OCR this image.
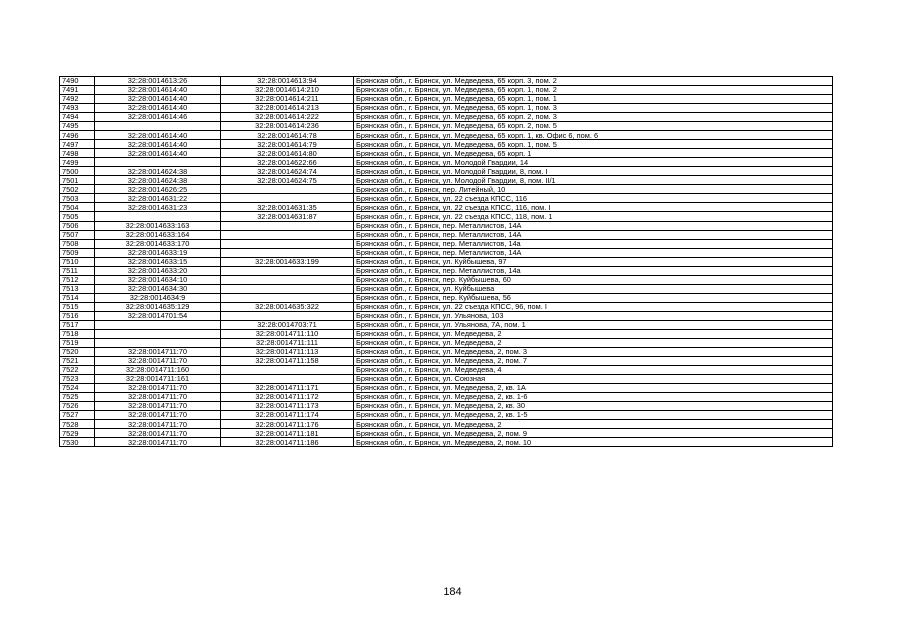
7490	32:28:0014613:26	32:28:0014613:94	Брянская обл., г. Брянск, ул. Медведева, 65 корп. 3, пом. 2
7491	32:28:0014614:40	32:28:0014614:210	Брянская обл., г. Брянск, ул. Медведева, 65 корп. 1, пом. 2
7492	32:28:0014614:40	32:28:0014614:211	Брянская обл., г. Брянск, ул. Медведева, 65 корп. 1, пом. 1
7493	32:28:0014614:40	32:28:0014614:213	Брянская обл., г. Брянск, ул. Медведева, 65 корп. 1, пом. 3
7494	32:28:0014614:46	32:28:0014614:222	Брянская обл., г. Брянск, ул. Медведева, 65 корп. 2, пом. 3
7495		32:28:0014614:236	Брянская обл., г. Брянск, ул. Медведева, 65 корп. 2, пом. 5
7496	32:28:0014614:40	32:28:0014614:78	Брянская обл., г. Брянск, ул. Медведева, 65 корп. 1, кв. Офис 6, пом. 6
7497	32:28:0014614:40	32:28:0014614:79	Брянская обл., г. Брянск, ул. Медведева, 65 корп. 1, пом. 5
7498	32:28:0014614:40	32:28:0014614:80	Брянская обл., г. Брянск, ул. Медведева, 65 корп. 1
7499		32:28:0014622:66	Брянская обл., г. Брянск, ул. Молодой Гвардии, 14
7500	32:28:0014624:38	32:28:0014624:74	Брянская обл., г. Брянск, ул. Молодой Гвардии, 8, пом. I
7501	32:28:0014624:38	32:28:0014624:75	Брянская обл., г. Брянск, ул. Молодой Гвардии, 8, пом. II/1
7502	32:28:0014626:25		Брянская обл., г. Брянск, пер. Литейный, 10
7503	32:28:0014631:22		Брянская обл., г. Брянск, ул. 22 съезда КПСС, 116
7504	32:28:0014631:23	32:28:0014631:35	Брянская обл., г. Брянск, ул. 22 съезда КПСС, 116, пом. I
7505		32:28:0014631:87	Брянская обл., г. Брянск, ул. 22 съезда КПСС, 118, пом. 1
7506	32:28:0014633:163		Брянская обл., г. Брянск, пер. Металлистов, 14А
7507	32:28:0014633:164		Брянская обл., г. Брянск, пер. Металлистов, 14А
7508	32:28:0014633:170		Брянская обл., г. Брянск, пер. Металлистов, 14а
7509	32:28:0014633:19		Брянская обл., г. Брянск, пер. Металлистов, 14А
7510	32:28:0014633:15	32:28:0014633:199	Брянская обл., г. Брянск, ул. Куйбышева, 97
7511	32:28:0014633:20		Брянская обл., г. Брянск, пер. Металлистов, 14а
7512	32:28:0014634:10		Брянская обл., г. Брянск, пер. Куйбышева, 60
7513	32:28:0014634:30		Брянская обл., г. Брянск, ул. Куйбышева
7514	32:28:0014634:9		Брянская обл., г. Брянск, пер. Куйбышева, 56
7515	32:28:0014635:129	32:28:0014635:322	Брянская обл., г. Брянск, ул. 22 съезда КПСС, 96, пом. I
7516	32:28:0014701:54		Брянская обл., г. Брянск, ул. Ульянова, 103
7517		32:28:0014703:71	Брянская обл., г. Брянск, ул. Ульянова, 7А, пом. 1
7518		32:28:0014711:110	Брянская обл., г. Брянск, ул. Медведева, 2
7519		32:28:0014711:111	Брянская обл., г. Брянск, ул. Медведева, 2
7520	32:28:0014711:70	32:28:0014711:113	Брянская обл., г. Брянск, ул. Медведева, 2, пом. 3
7521	32:28:0014711:70	32:28:0014711:158	Брянская обл., г. Брянск, ул. Медведева, 2, пом. 7
7522	32:28:0014711:160		Брянская обл., г. Брянск, ул. Медведева, 4
7523	32:28:0014711:161		Брянская обл., г. Брянск, ул. Союзная
7524	32:28:0014711:70	32:28:0014711:171	Брянская обл., г. Брянск, ул. Медведева, 2, кв. 1А
7525	32:28:0014711:70	32:28:0014711:172	Брянская обл., г. Брянск, ул. Медведева, 2, кв. 1-6
7526	32:28:0014711:70	32:28:0014711:173	Брянская обл., г. Брянск, ул. Медведева, 2, кв. 30
7527	32:28:0014711:70	32:28:0014711:174	Брянская обл., г. Брянск, ул. Медведева, 2, кв. 1-5
7528	32:28:0014711:70	32:28:0014711:176	Брянская обл., г. Брянск, ул. Медведева, 2
7529	32:28:0014711:70	32:28:0014711:181	Брянская обл., г. Брянск, ул. Медведева, 2, пом. 9
7530	32:28:0014711:70	32:28:0014711:186	Брянская обл., г. Брянск, ул. Медведева, 2, пом. 10
184
